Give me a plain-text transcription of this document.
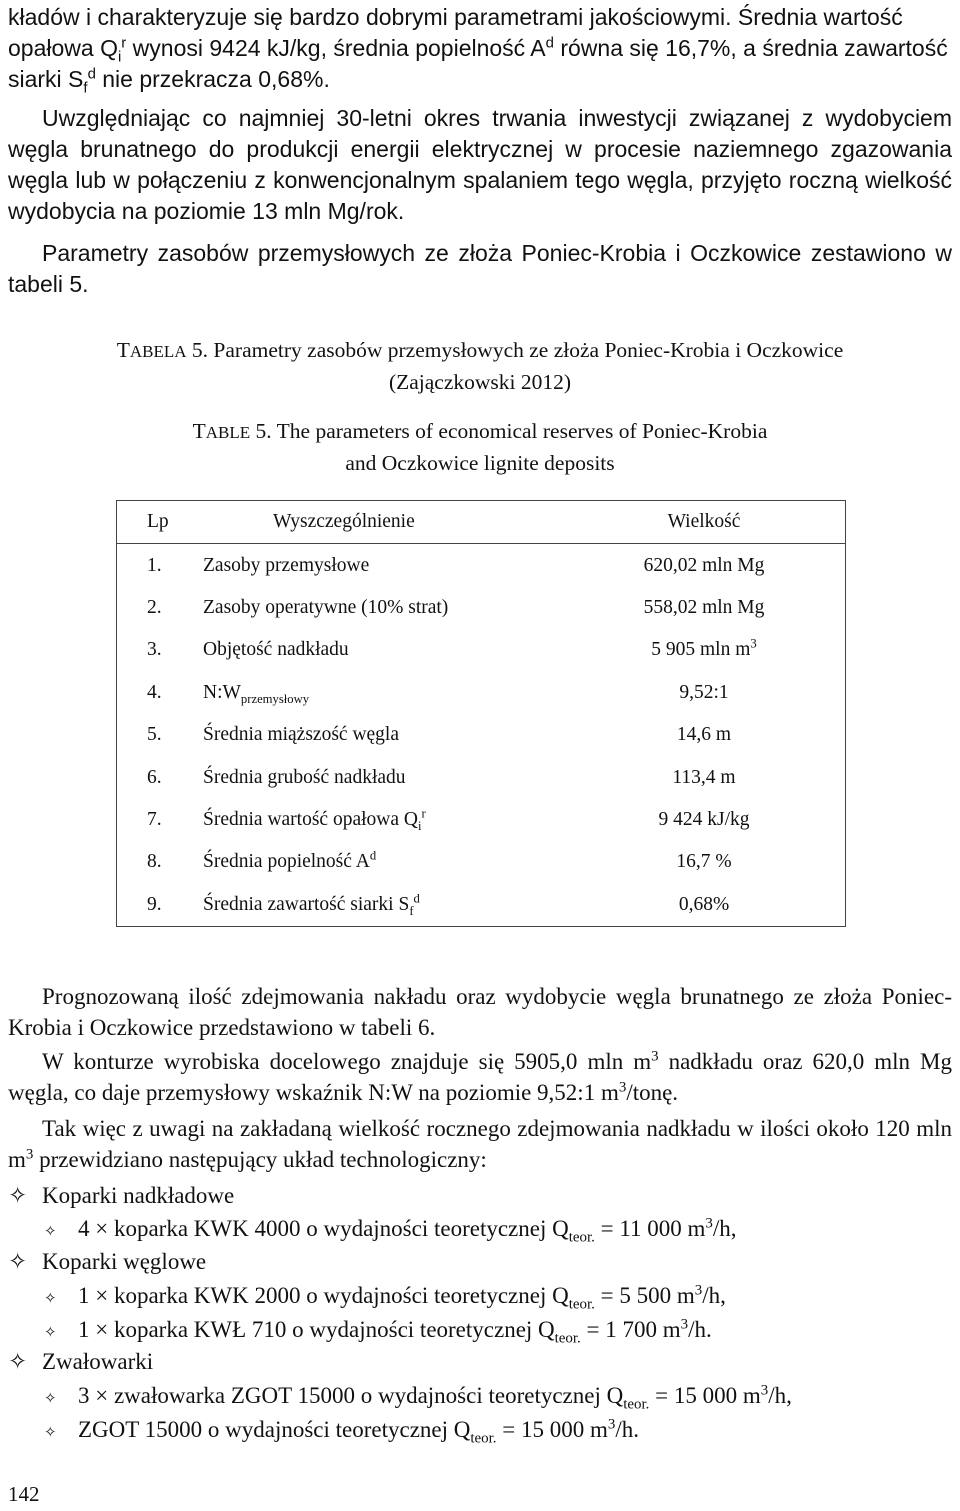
kładów i charakteryzuje się bardzo dobrymi parametrami jakościowymi. Średnia wartość
opałowa $Q_i^r$ wynosi 9424 kJ/kg, średnia popielność $A^d$ równa się 16,7%, a średnia zawartość
siarki $S_f^d$ nie przekracza 0,68%.

Uwzględniając co najmniej 30-letni okres trwania inwestycji związanej z wydobyciem węgla brunatnego do produkcji energii elektrycznej w procesie naziemnego zgazowania węgla lub w połączeniu z konwencjonalnym spalaniem tego węgla, przyjęto roczną wielkość wydobycia na poziomie 13 mln Mg/rok.

Parametry zasobów przemysłowych ze złoża Poniec-Krobia i Oczkowice zestawiono w tabeli 5.

TABELA 5. Parametry zasobów przemysłowych ze złoża Poniec-Krobia i Oczkowice
(Zajączkowski 2012)
TABLE 5. The parameters of economical reserves of Poniec-Krobia
and Oczkowice lignite deposits
Lp	Wyszczególnienie	Wielkość
1.	Zasoby przemysłowe	620,02 mln Mg
2.	Zasoby operatywne (10% strat)	558,02 mln Mg
3.	Objętość nadkładu	5 905 mln $m^3$
4.	$N:W_{przemysłowy}$	9,52:1
5.	Średnia miąższość węgla	14,6 m
6.	Średnia grubość nadkładu	113,4 m
7.	Średnia wartość opałowa $Q_i^r$	9 424 kJ/kg
8.	Średnia popielność $A^d$	16,7 %
9.	Średnia zawartość siarki $S_f^d$	0,68%

Prognozowaną ilość zdejmowania nakładu oraz wydobycie węgla brunatnego ze złoża Poniec-Krobia i Oczkowice przedstawiono w tabeli 6.

W konturze wyrobiska docelowego znajduje się 5905,0 mln $m^3$ nadkładu oraz 620,0 mln Mg węgla, co daje przemysłowy wskaźnik N:W na poziomie 9,52:1 $m^3$/tonę.

Tak więc z uwagi na zakładaną wielkość rocznego zdejmowania nadkładu w ilości około 120 mln $m^3$ przewidziano następujący układ technologiczny:

✧ Koparki nadkładowe
✧ 4 × koparka KWK 4000 o wydajności teoretycznej $Q_{teor.} = 11$ 000 $m^3/h$,
✧ Koparki węglowe
✧ 1 × koparka KWK 2000 o wydajności teoretycznej $Q_{teor.} = 5$ 500 $m^3/h$,
✧ 1 × koparka KWŁ 710 o wydajności teoretycznej $Q_{teor.} = 1$ 700 $m^3/h$.
✧ Zwałowarki
✧ 3 × zwałowarka ZGOT 15000 o wydajności teoretycznej $Q_{teor.} = 15$ 000 $m^3/h$,
✧ ZGOT 15000 o wydajności teoretycznej $Q_{teor.} = 15$ 000 $m^3/h$.
142
